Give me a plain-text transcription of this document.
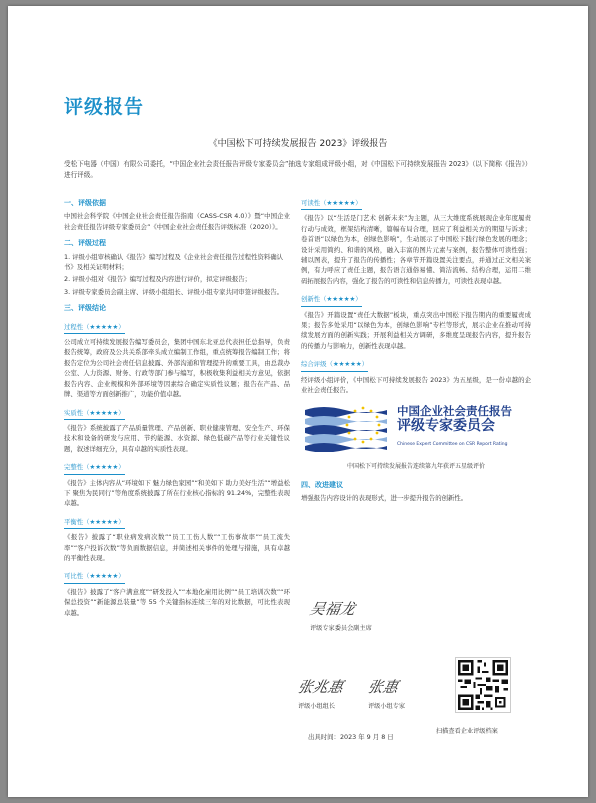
评级报告
《中国松下可持续发展报告 2023》评级报告
受松下电器（中国）有限公司委托，“中国企业社会责任报告评级专家委员会”抽选专家组成评级小组，对《中国松下可持续发展报告 2023》（以下简称《报告》）进行评级。
一、评级依据

中国社会科学院《中国企业社会责任报告指南（CASS-CSR 4.0）》暨“中国企业社会责任报告评级专家委员会”《中国企业社会责任报告评级标准（2020）》。

二、评级过程
1. 评级小组审核确认《报告》编写过程及《企业社会责任报告过程性资料确认书》及相关证明材料；
2. 评级小组对《报告》编写过程及内容进行评价，拟定评级报告；
3. 评级专家委员会副主席、评级小组组长、评级小组专家共同审签评级报告。
三、评级结论
过程性（★★★★★）

公司成立可持续发展报告编写委员会，集团中国东北亚总代表担任总指导，负责报告统筹，政府及公共关系部牵头成立编制工作组，重点统筹报告编制工作；将报告定位为公司社会责任信息披露、外部沟通和管理提升的重要工具，由总裁办公室、人力资源、财务、行政等部门参与编写，积极收集利益相关方意见，依据报告内容、企业规模和外部环境等因素综合确定实质性议题；报告在产品、品牌、渠道等方面创新推广，功能价值卓越。

实质性（★★★★★）

《报告》系统披露了产品质量管理、产品创新、职业健康管理、安全生产、环保技术和设备的研发与应用、节约能源、水资源、绿色低碳产品等行业关键性议题，叙述详细充分，具有卓越的实质性表现。

完整性（★★★★★）

《报告》主体内容从“环境如下 魅力绿色家园”“和美如下 助力美好生活”“增益松下 聚焦为民同行”等角度系统披露了所在行业核心指标的 91.24%，完整性表现卓越。

平衡性（★★★★★）

《报告》披露了“职业病发病次数”“员工工伤人数”“工伤事故率”“员工流失率”“客户投诉次数”等负面数据信息，并简述相关事件的处理与措施，具有卓越的平衡性表现。

可比性（★★★★★）

《报告》披露了“客户满意度”“研发投入”“本地化雇用比例”“员工培训次数”“环保总投资”“新能源总装量”等 55 个关键指标连续三年的对比数据，可比性表现卓越。

可读性（★★★★★）

《报告》以“生活是门艺术 创新未来”为主题，从三大维度系统展现企业年度履责行动与成效，框架结构清晰，篇幅布局合理，回应了利益相关方的期望与诉求；卷首语“以绿色为本，创绿色影响”，生动展示了中国松下践行绿色发展的理念；设计采用简约、和谐的风格，融入丰富的图片元素与案例，报告整体可读性强；辅以图表，提升了报告的传播性；各章节开篇设置关注要点，并通过正文相关案例，有力呼应了责任主题，报告语言通俗易懂、简洁流畅、结构合理，运用二维码拓展报告内容，强化了报告的可读性和信息传播力，可读性表现卓越。

创新性（★★★★★）

《报告》开篇设置“责任大数据”板块，重点突出中国松下报告期内的重要履责成果；报告多处采用“以绿色为本，创绿色影响”专栏等形式，展示企业在推动可持续发展方面的创新实践；开展利益相关方调研，多维度呈现报告内容，提升报告的传播力与影响力，创新性表现卓越。

综合评级（★★★★★）

经评级小组评价，《中国松下可持续发展报告 2023》为五星级，是一份卓越的企业社会责任报告。

中国企业社会责任报告
评级专家委员会
Chinese Expert Committee on CSR Report Rating
中国松下可持续发展报告连续第九年获评五星级评价
四、改进建议

增强报告内容设计的表现形式，进一步提升报告的创新性。

吴福龙
评级专家委员会副主席
张兆惠
评级小组组长
张惠
评级小组专家
出具时间：2023 年 9 月 8 日
扫描查看企业评级档案
